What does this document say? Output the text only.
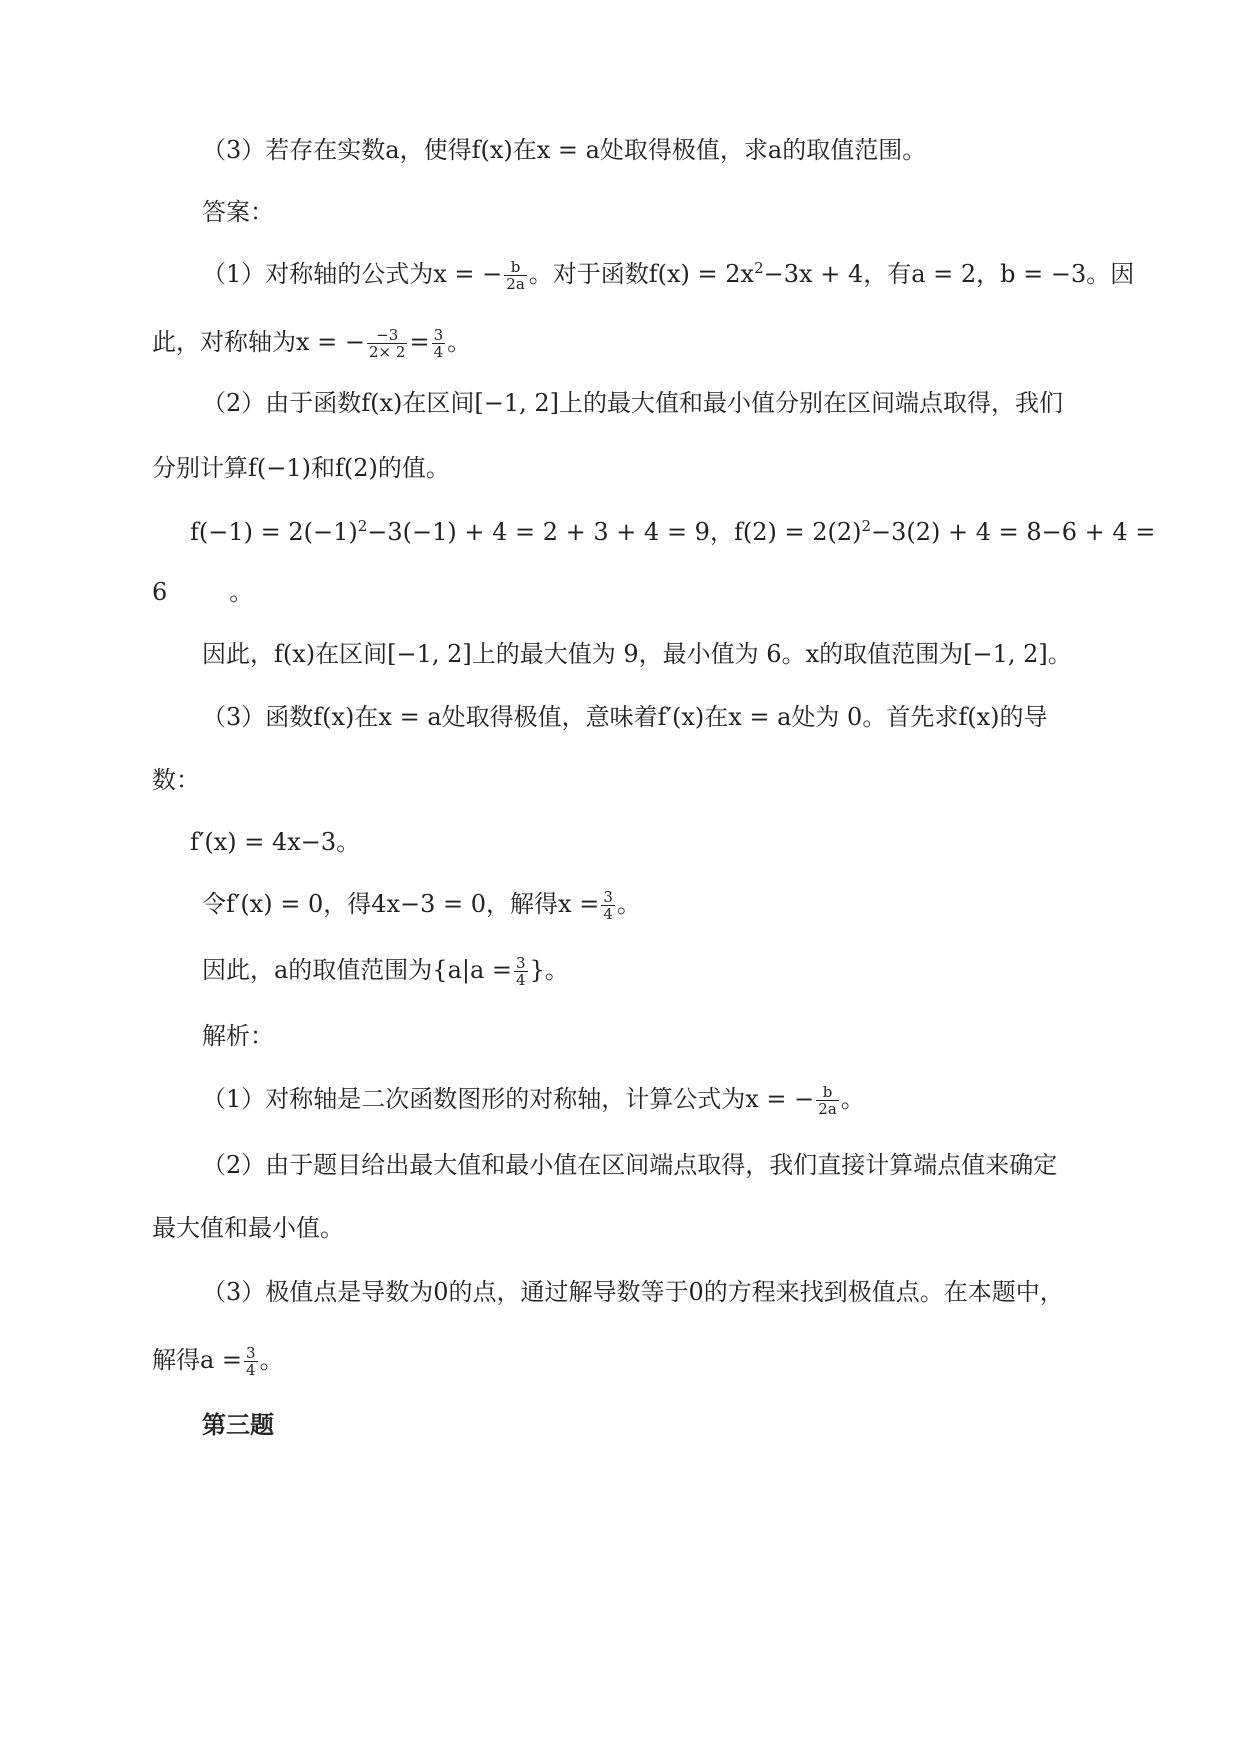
（3）若存在实数a，使得f(x)在x = a处取得极值，求a的取值范围。
答案：
（1）对称轴的公式为x = − $\frac{b}{2a}$ 。对于函数$f(x) = 2x^2-3x + 4$，有a = 2，b = −3。因
此，对称轴为x = − $\frac{-3}{2\times 2} = \frac{3}{4}$ 。
（2）由于函数f(x)在区间[−1, 2]上的最大值和最小值分别在区间端点取得，我们
分别计算f(−1)和f(2)的值。
$f(-1) = 2(-1)^2-3(-1) + 4 = 2 + 3 + 4 = 9$，$f(2) = 2(2)^2-3(2) + 4 = 8-6 + 4$ =
6	。
因此，f(x)在区间[−1, 2]上的最大值为 9，最小值为 6。x的取值范围为[−1, 2]。
（3）函数f(x)在x = a处取得极值，意味着f′(x)在x = a处为 0。首先求f(x)的导
数：
f′(x) = 4x−3。
令f′(x) = 0，得4x−3 = 0，解得$x = \frac{3}{4}$ 。
因此，a的取值范围为{$a|a = \frac{3}{4}$ }。
解析：
（1）对称轴是二次函数图形的对称轴，计算公式为x = − $\frac{b}{2a}$ 。
（2）由于题目给出最大值和最小值在区间端点取得，我们直接计算端点值来确定
最大值和最小值。
（3）极值点是导数为0的点，通过解导数等于0的方程来找到极值点。在本题中，
解得$a = \frac{3}{4}$ 。
第三题
